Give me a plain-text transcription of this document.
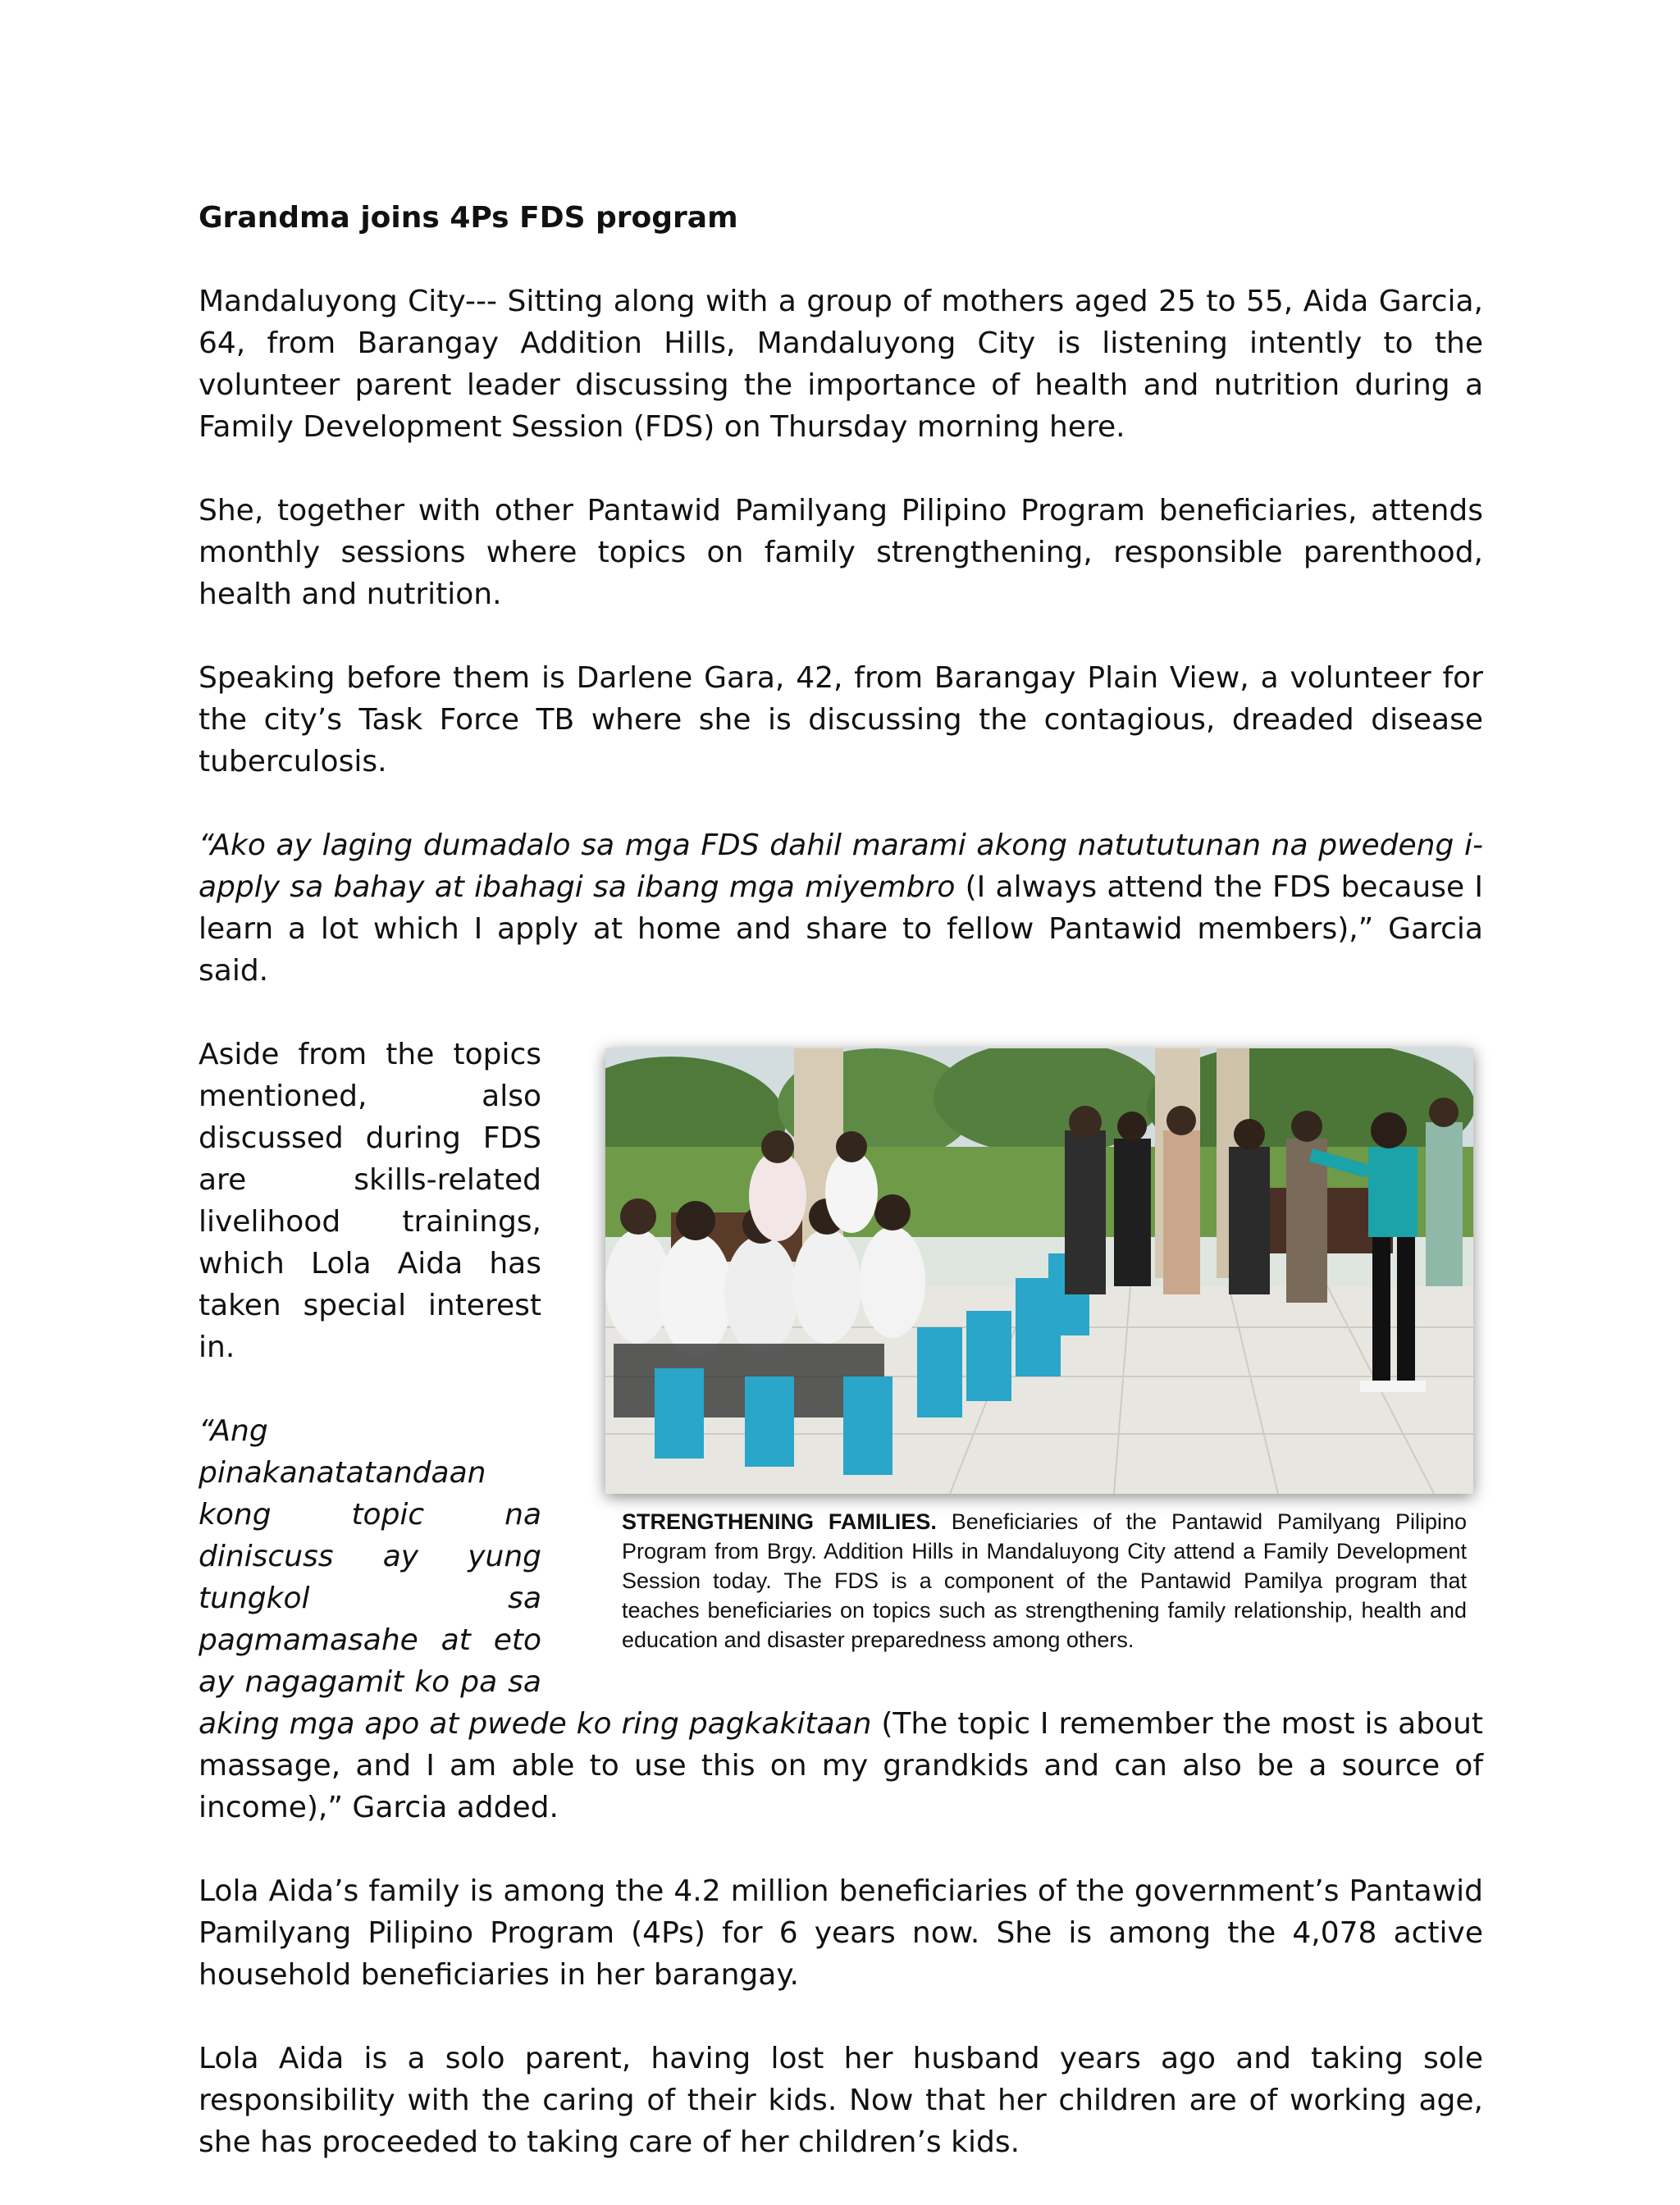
Grandma joins 4Ps FDS program

Mandaluyong City--- Sitting along with a group of mothers aged 25 to 55, Aida Garcia, 64, from Barangay Addition Hills, Mandaluyong City is listening intently to the volunteer parent leader discussing the importance of health and nutrition during a Family Development Session (FDS) on Thursday morning here.

She, together with other Pantawid Pamilyang Pilipino Program beneficiaries, attends monthly sessions where topics on family strengthening, responsible parenthood, health and nutrition.

Speaking before them is Darlene Gara, 42, from Barangay Plain View, a volunteer for the city’s Task Force TB where she is discussing the contagious, dreaded disease tuberculosis.

“Ako ay laging dumadalo sa mga FDS dahil marami akong natututunan na pwedeng i-apply sa bahay at ibahagi sa ibang mga miyembro (I always attend the FDS because I learn a lot which I apply at home and share to fellow Pantawid members),” Garcia said.

STRENGTHENING FAMILIES. Beneficiaries of the Pantawid Pamilyang Pilipino Program from Brgy. Addition Hills in Mandaluyong City attend a Family Development Session today. The FDS is a component of the Pantawid Pamilya program that teaches beneficiaries on topics such as strengthening family relationship, health and education and disaster preparedness among others.

Aside from the topics mentioned, also discussed during FDS are skills-related livelihood trainings, which Lola Aida has taken special interest in.

“Ang pinakanatatandaan kong topic na diniscuss ay yung tungkol sa pagmamasahe at eto ay nagagamit ko pa sa aking mga apo at pwede ko ring pagkakitaan (The topic I remember the most is about massage, and I am able to use this on my grandkids and can also be a source of income),” Garcia added.

Lola Aida’s family is among the 4.2 million beneficiaries of the government’s Pantawid Pamilyang Pilipino Program (4Ps) for 6 years now. She is among the 4,078 active household beneficiaries in her barangay.

Lola Aida is a solo parent, having lost her husband years ago and taking sole responsibility with the caring of their kids. Now that her children are of working age, she has proceeded to taking care of her children’s kids.
